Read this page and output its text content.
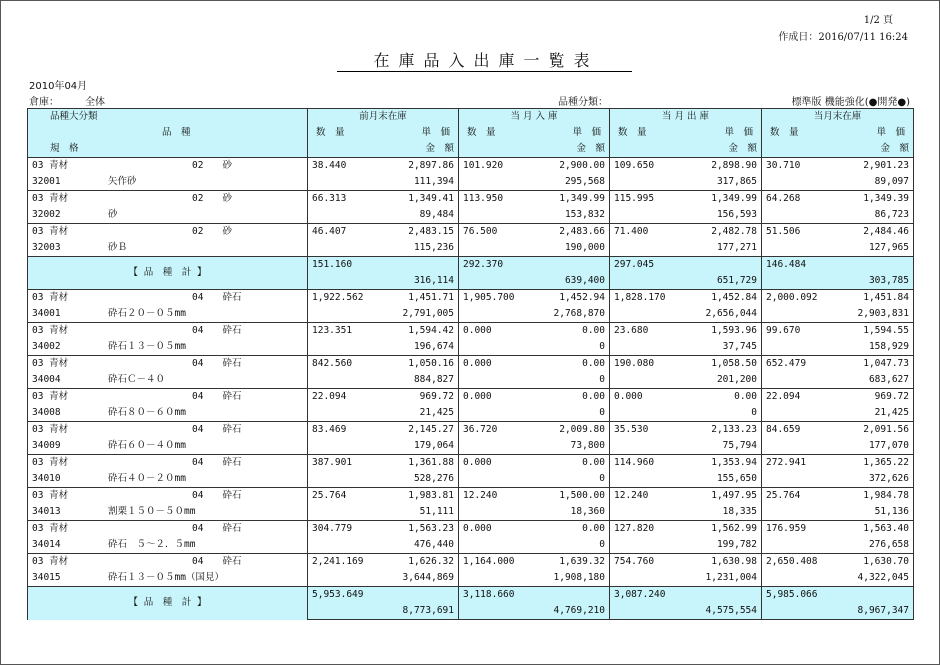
1/2 頁
作成日：2016/07/11 16:24
在庫品入出庫一覧表
2010年04月
倉庫：	全体	品種分類：	標準版 機能強化(●開発●)
品種大分類	前月末在庫	当 月 入 庫	当 月 出 庫	当月末在庫
品　種	数　量 単　価	数　量 単　価	数　量 単　価	数　量 単　価

規　格	金　額	金　額	金　額	金　額
03 青材 02　　砂	38.440 2,897.86	101.920 2,900.00	109.650 2,898.90	30.710 2,901.23

32001 矢作砂	111,394	295,568	317,865	89,097
03 青材 02　　砂	66.313 1,349.41	113.950 1,349.99	115.995 1,349.99	64.268 1,349.39

32002 砂	89,484	153,832	156,593	86,723
03 青材 02　　砂	46.407 2,483.15	76.500 2,483.66	71.400 2,482.78	51.506 2,484.46

32003 砂Ｂ	115,236	190,000	177,271	127,965
【 品　種　計 】	151.160	292.370	297.045	146.484
	316,114	639,400	651,729	303,785
03 青材 04　　砕石	1,922.562 1,451.71	1,905.700 1,452.94	1,828.170 1,452.84	2,000.092 1,451.84

34001 砕石２０－０５mm	2,791,005	2,768,870	2,656,044	2,903,831
03 青材 04　　砕石	123.351 1,594.42	0.000 0.00	23.680 1,593.96	99.670 1,594.55

34002 砕石１３－０５mm	196,674	0	37,745	158,929
03 青材 04　　砕石	842.560 1,050.16	0.000 0.00	190.080 1,058.50	652.479 1,047.73

34004 砕石Ｃ－４０	884,827	0	201,200	683,627
03 青材 04　　砕石	22.094 969.72	0.000 0.00	0.000 0.00	22.094 969.72

34008 砕石８０－６０mm	21,425	0	0	21,425
03 青材 04　　砕石	83.469 2,145.27	36.720 2,009.80	35.530 2,133.23	84.659 2,091.56

34009 砕石６０－４０mm	179,064	73,800	75,794	177,070
03 青材 04　　砕石	387.901 1,361.88	0.000 0.00	114.960 1,353.94	272.941 1,365.22

34010 砕石４０－２０mm	528,276	0	155,650	372,626
03 青材 04　　砕石	25.764 1,983.81	12.240 1,500.00	12.240 1,497.95	25.764 1,984.78

34013 割栗１５０－５０mm	51,111	18,360	18,335	51,136
03 青材 04　　砕石	304.779 1,563.23	0.000 0.00	127.820 1,562.99	176.959 1,563.40

34014 砕石　５～２．５mm	476,440	0	199,782	276,658
03 青材 04　　砕石	2,241.169 1,626.32	1,164.000 1,639.32	754.760 1,630.98	2,650.408 1,630.70

34015 砕石１３－０５mm（国見）	3,644,869	1,908,180	1,231,004	4,322,045
【 品　種　計 】	5,953.649	3,118.660	3,087.240	5,985.066
	8,773,691	4,769,210	4,575,554	8,967,347
